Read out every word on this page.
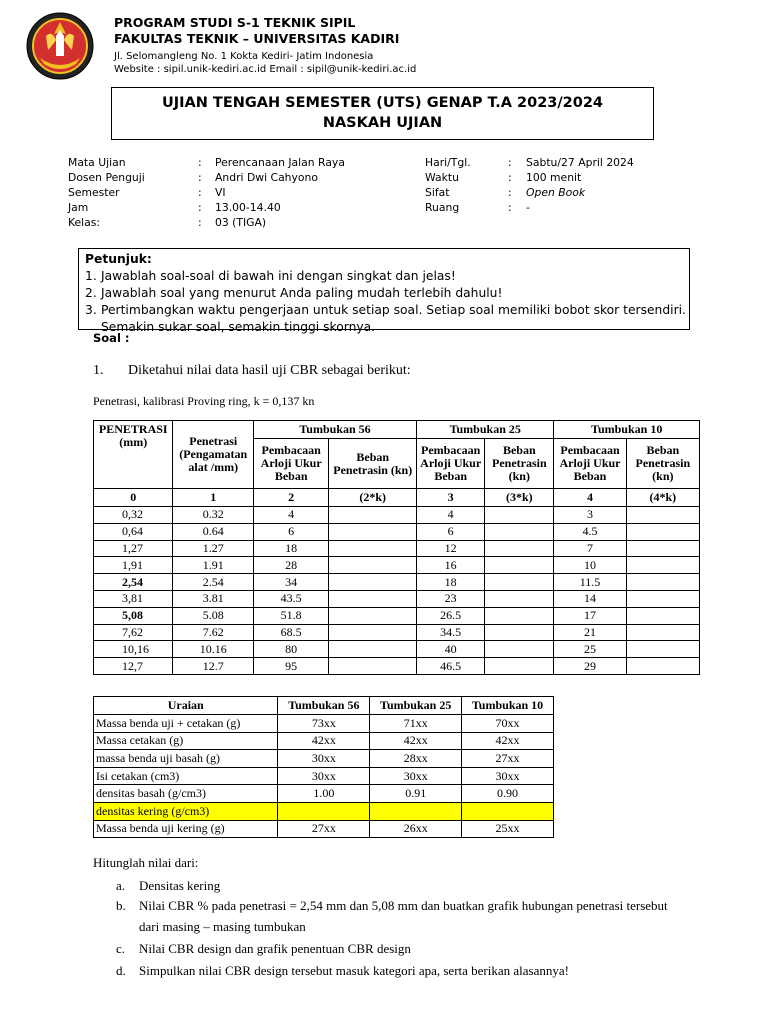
PROGRAM STUDI S-1 TEKNIK SIPIL
FAKULTAS TEKNIK – UNIVERSITAS KADIRI
Jl. Selomangleng No. 1 Kokta Kediri- Jatim Indonesia
Website : sipil.unik-kediri.ac.id Email : sipil@unik-kediri.ac.id
UJIAN TENGAH SEMESTER (UTS) GENAP T.A 2023/2024
NASKAH UJIAN
Mata Ujian	: Perencanaan Jalan Raya
Dosen Penguji	: Andri Dwi Cahyono
Semester	: VI
Jam	: 13.00-14.40
Kelas:	: 03 (TIGA)
Hari/Tgl.	: Sabtu/27 April 2024
Waktu	: 100 menit
Sifat	: Open Book
Ruang	: -
Petunjuk:
1. Jawablah soal-soal di bawah ini dengan singkat dan jelas!
2. Jawablah soal yang menurut Anda paling mudah terlebih dahulu!
3. Pertimbangkan waktu pengerjaan untuk setiap soal. Setiap soal memiliki bobot skor tersendiri. Semakin sukar soal, semakin tinggi skornya.
Soal :
1. Diketahui nilai data hasil uji CBR sebagai berikut:
Penetrasi, kalibrasi Proving ring, k = 0,137 kn
PENETRASI (mm)	Penetrasi (Pengamatan alat /mm)	Tumbukan 56		Tumbukan 25		Tumbukan 10	
		Pembacaan Arloji Ukur Beban	Beban Penetrasin (kn)	Pembacaan Arloji Ukur Beban	Beban Penetrasin (kn)	Pembacaan Arloji Ukur Beban	Beban Penetrasin (kn)
0	1	2	(2*k)	3	(3*k)	4	(4*k)
0,32	0.32	4		4		3	
0,64	0.64	6		6		4.5	
1,27	1.27	18		12		7	
1,91	1.91	28		16		10	
2,54	2.54	34		18		11.5	
3,81	3.81	43.5		23		14	
5,08	5.08	51.8		26.5		17	
7,62	7.62	68.5		34.5		21	
10,16	10.16	80		40		25	
12,7	12.7	95		46.5		29	
Uraian	Tumbukan 56	Tumbukan 25	Tumbukan 10
Massa benda uji + cetakan (g)	73xx	71xx	70xx
Massa cetakan (g)	42xx	42xx	42xx
massa benda uji basah (g)	30xx	28xx	27xx
Isi cetakan (cm3)	30xx	30xx	30xx
densitas basah (g/cm3)	1.00	0.91	0.90
densitas kering (g/cm3)			
Massa benda uji kering (g)	27xx	26xx	25xx
Hitunglah nilai dari:
a. Densitas kering
b. Nilai CBR % pada penetrasi = 2,54 mm dan 5,08 mm dan buatkan grafik hubungan penetrasi tersebut
dari masing – masing tumbukan
c. Nilai CBR design dan grafik penentuan CBR design
d. Simpulkan nilai CBR design tersebut masuk kategori apa, serta berikan alasannya!
